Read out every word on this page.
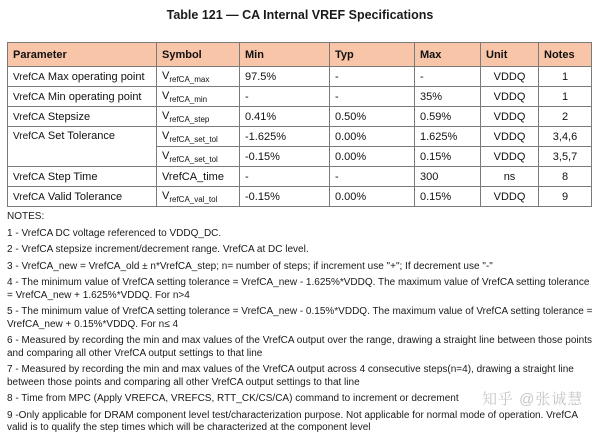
Table 121 — CA Internal VREF Specifications
Parameter	Symbol	Min	Typ	Max	Unit	Notes
VrefCA Max operating point	$V_{refCA\_max}$	97.5%	-	-	VDDQ	1
VrefCA Min operating point	$V_{refCA\_min}$	-	-	35%	VDDQ	1
VrefCA Stepsize	$V_{refCA\_step}$	0.41%	0.50%	0.59%	VDDQ	2
VrefCA Set Tolerance	$V_{refCA\_set\_tol}$	-1.625%	0.00%	1.625%	VDDQ	3,4,6
	$V_{refCA\_set\_tol}$	-0.15%	0.00%	0.15%	VDDQ	3,5,7
VrefCA Step Time	VrefCA_time	-	-	300	ns	8
VrefCA Valid Tolerance	$V_{refCA\_val\_tol}$	-0.15%	0.00%	0.15%	VDDQ	9
NOTES:
1 - VrefCA DC voltage referenced to VDDQ_DC.
2 - VrefCA stepsize increment/decrement range. VrefCA at DC level.
3 - VrefCA_new = VrefCA_old ± n*VrefCA_step; n= number of steps; if increment use "+"; If decrement use "-"
4 - The minimum value of VrefCA setting tolerance = VrefCA_new - 1.625%*VDDQ. The maximum value of VrefCA setting tolerance = VrefCA_new + 1.625%*VDDQ. For n>4
5 - The minimum value of VrefCA setting tolerance = VrefCA_new - 0.15%*VDDQ. The maximum value of VrefCA setting tolerance = VrefCA_new + 0.15%*VDDQ. For n≤ 4
6 - Measured by recording the min and max values of the VrefCA output over the range, drawing a straight line between those points and comparing all other VrefCA output settings to that line
7 - Measured by recording the min and max values of the VrefCA output across 4 consecutive steps(n=4), drawing a straight line between those points and comparing all other VrefCA output settings to that line
8 - Time from MPC (Apply VREFCA, VREFCS, RTT_CK/CS/CA) command to increment or decrement
9 -Only applicable for DRAM component level test/characterization purpose. Not applicable for normal mode of operation. VrefCA valid is to qualify the step times which will be characterized at the component level
知乎 @张诚慧
